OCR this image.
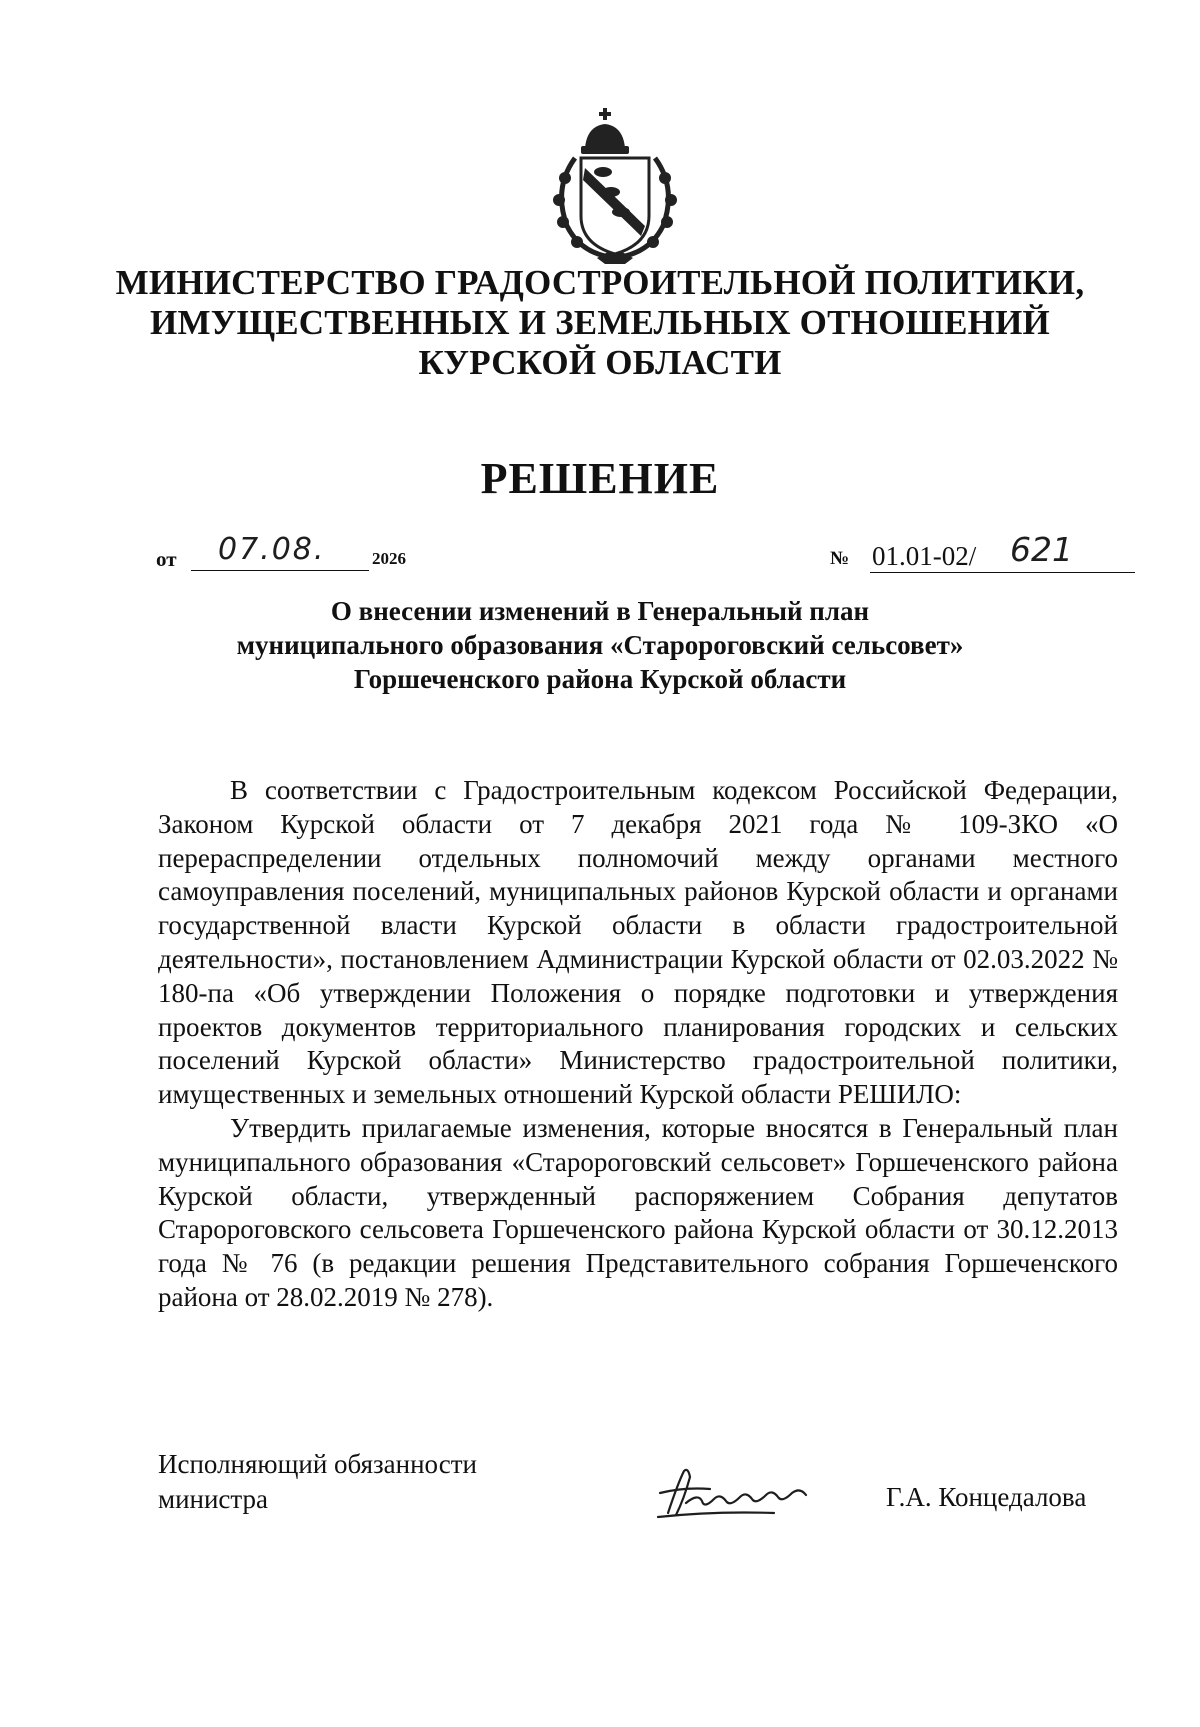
МИНИСТЕРСТВО ГРАДОСТРОИТЕЛЬНОЙ ПОЛИТИКИ,
ИМУЩЕСТВЕННЫХ И ЗЕМЕЛЬНЫХ ОТНОШЕНИЙ
КУРСКОЙ ОБЛАСТИ
РЕШЕНИЕ
от 07.08.	2026	№ 01.01-02/ 621
О внесении изменений в Генеральный план
муниципального образования «Старороговский сельсовет»
Горшеченского района Курской области

В соответствии с Градостроительным кодексом Российской Федерации, Законом Курской области от 7 декабря 2021 года № 109-ЗКО «О перераспределении отдельных полномочий между органами местного самоуправления поселений, муниципальных районов Курской области и органами государственной власти Курской области в области градостроительной деятельности», постановлением Администрации Курской области от 02.03.2022 № 180-па «Об утверждении Положения о порядке подготовки и утверждения проектов документов территориального планирования городских и сельских поселений Курской области» Министерство градостроительной политики, имущественных и земельных отношений Курской области РЕШИЛО:

Утвердить прилагаемые изменения, которые вносятся в Генеральный план муниципального образования «Старороговский сельсовет» Горшеченского района Курской области, утвержденный распоряжением Собрания депутатов Старороговского сельсовета Горшеченского района Курской области от 30.12.2013 года № 76 (в редакции решения Представительного собрания Горшеченского района от 28.02.2019 № 278).

Исполняющий обязанности
министра	Г.А. Концедалова
